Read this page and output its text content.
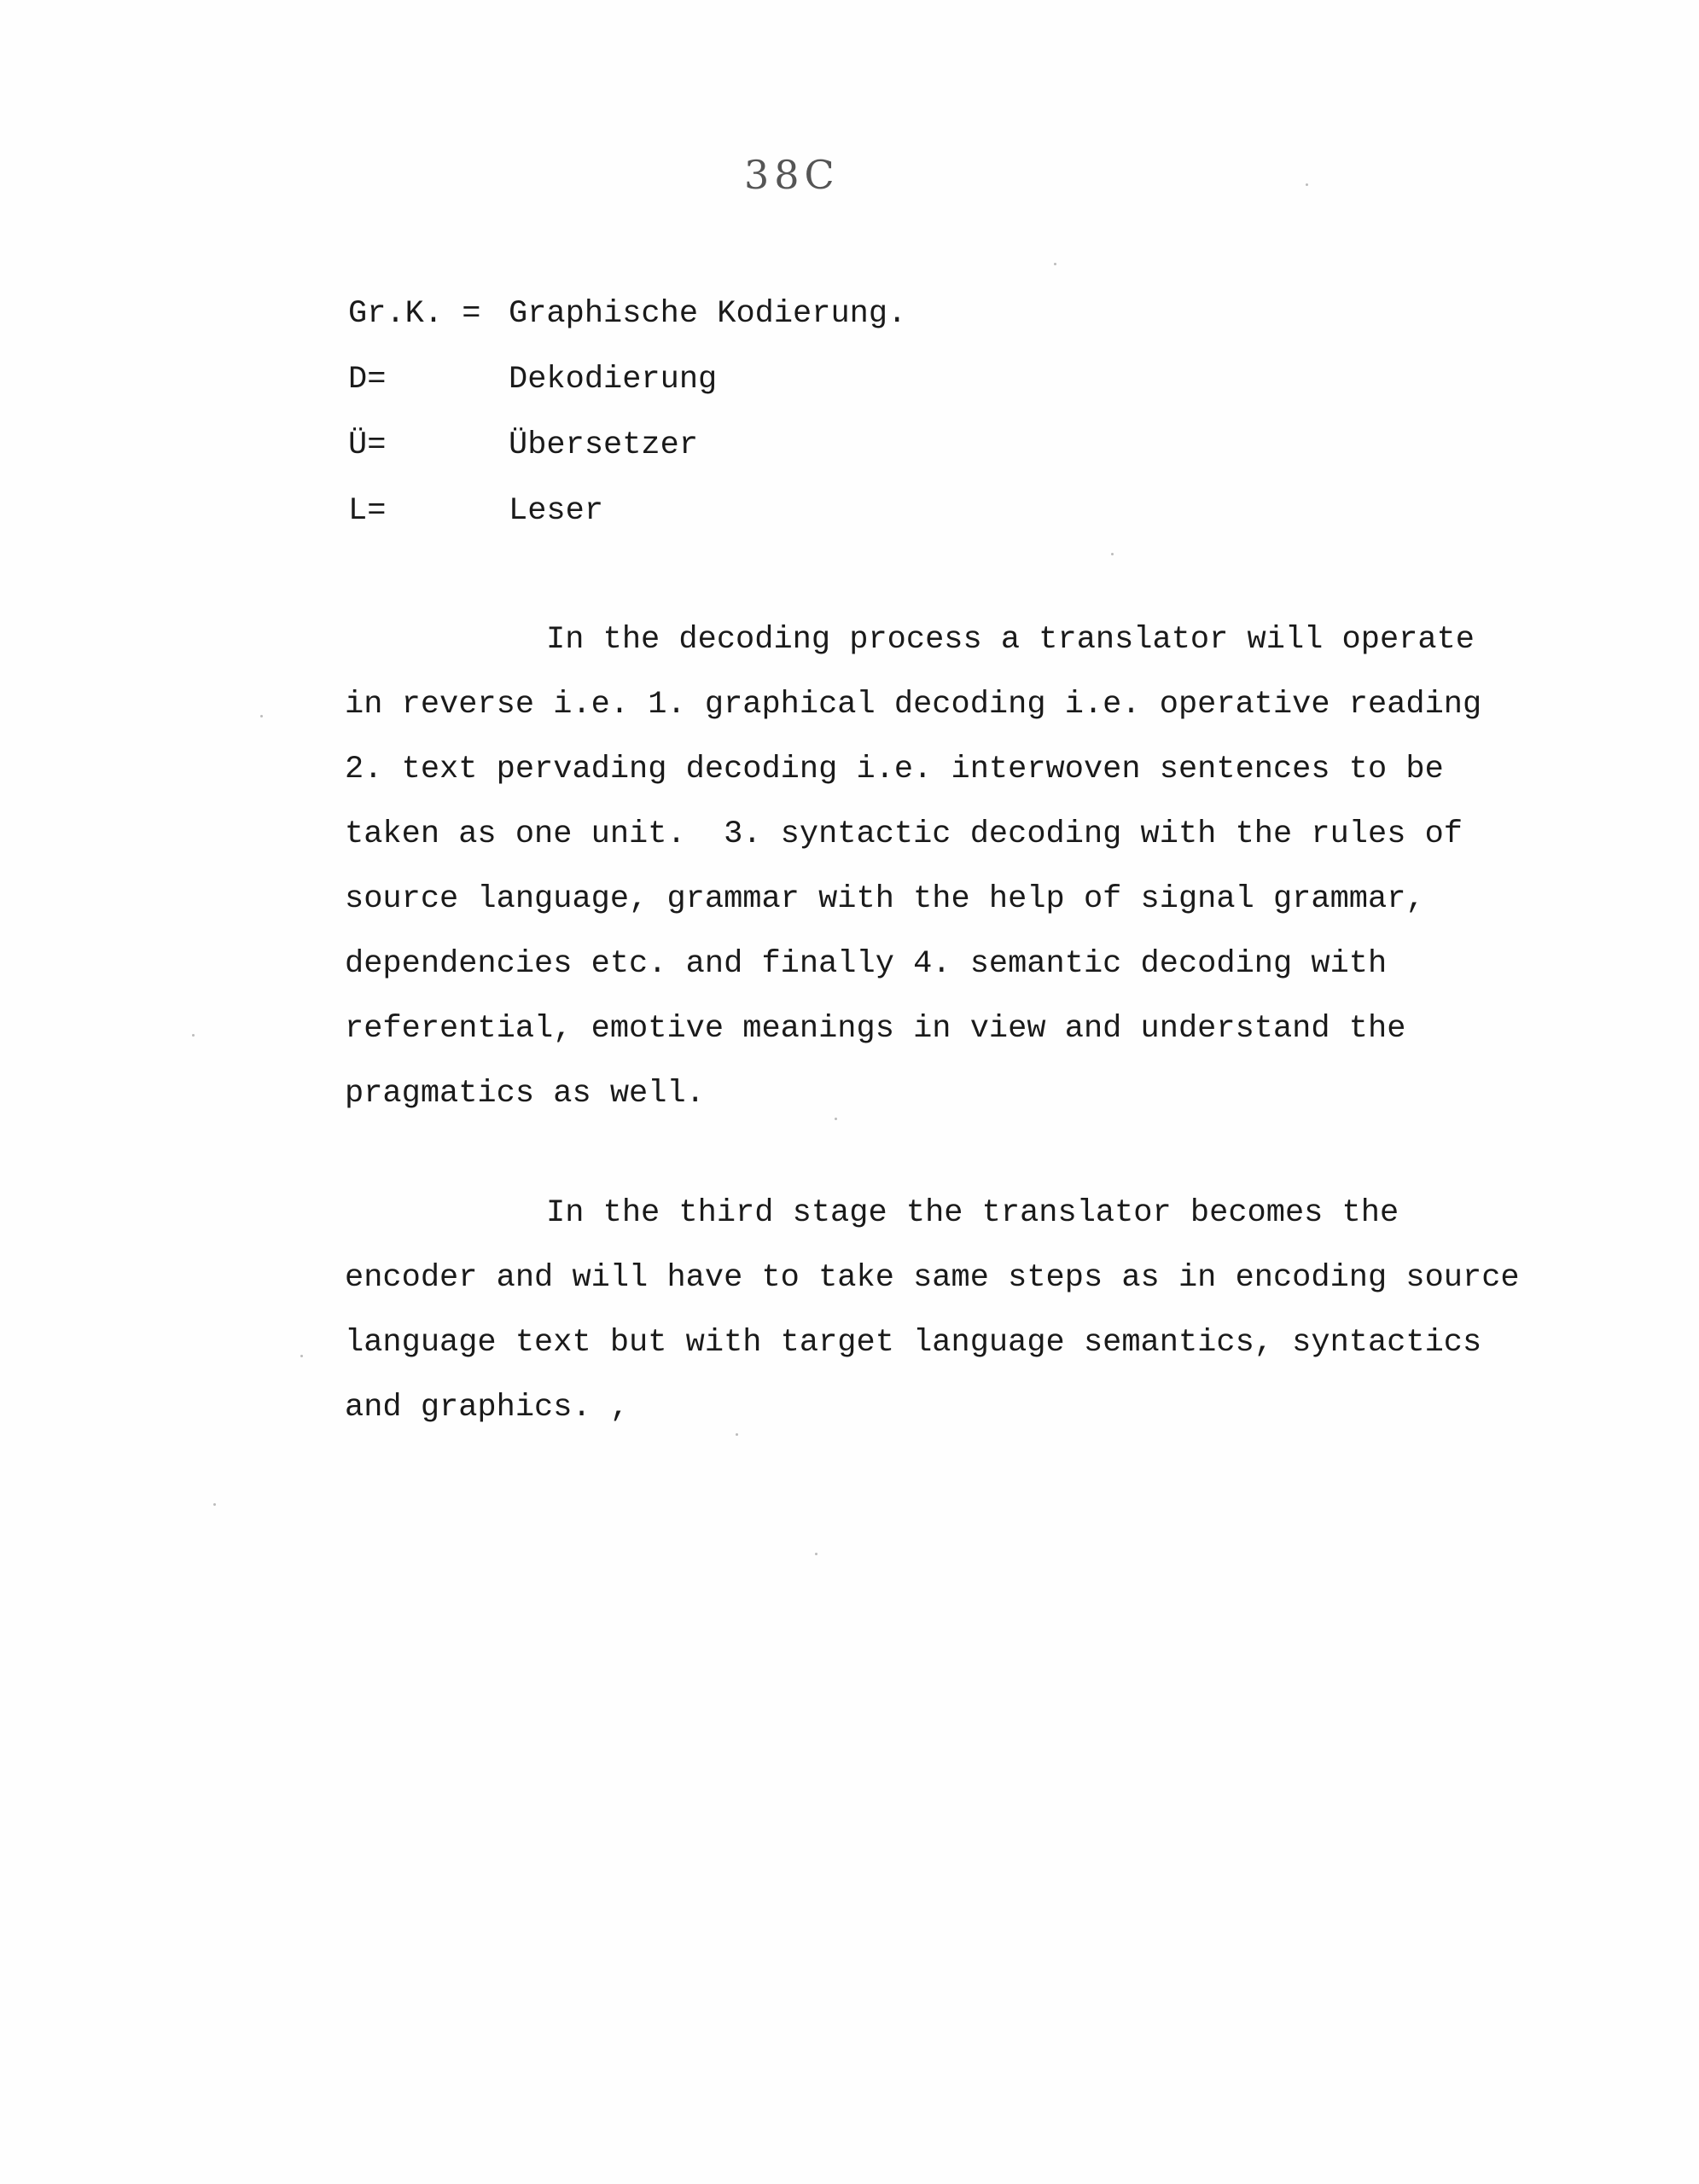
38C
Gr.K. = Graphische Kodierung.
D=	Dekodierung
Ü=	Übersetzer
L=	Leser
In the decoding process a translator will operate
in reverse i.e. 1. graphical decoding i.e. operative reading
2. text pervading decoding i.e. interwoven sentences to be
taken as one unit.  3. syntactic decoding with the rules of
source language, grammar with the help of signal grammar,
dependencies etc. and finally 4. semantic decoding with
referential, emotive meanings in view and understand the
pragmatics as well.
In the third stage the translator becomes the
encoder and will have to take same steps as in encoding source
language text but with target language semantics, syntactics
and graphics. ,
